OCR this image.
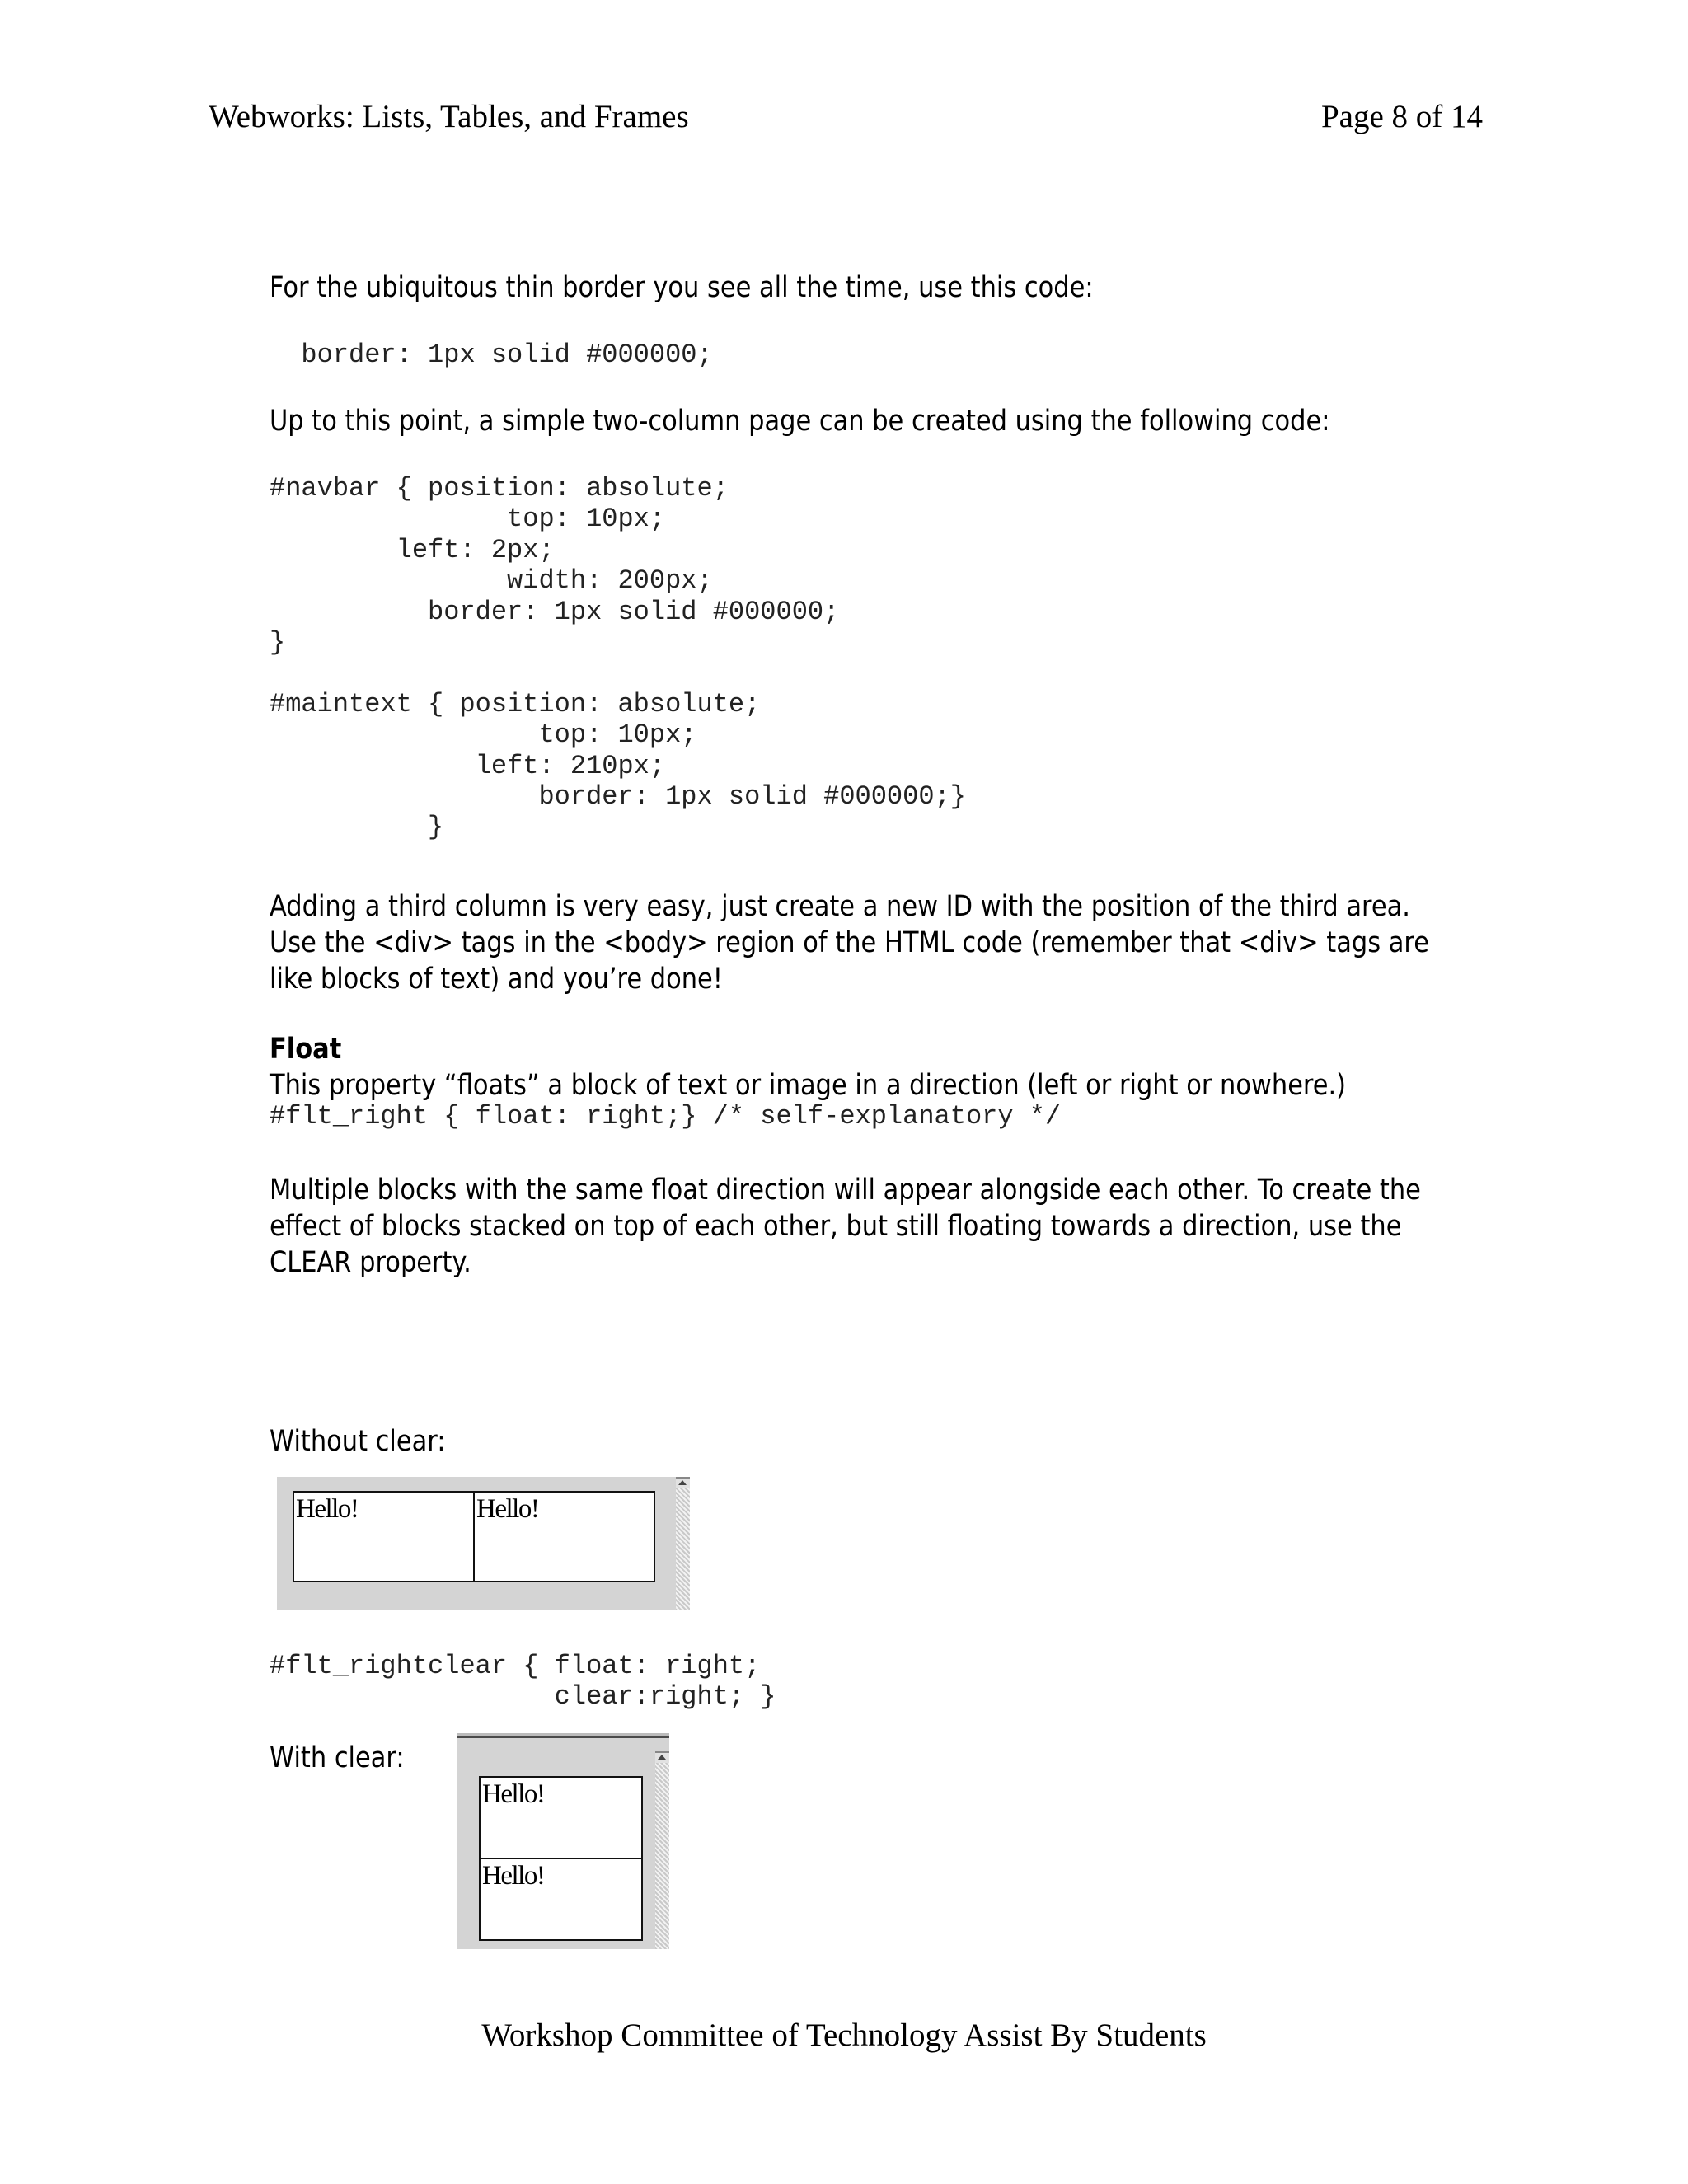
Webworks: Lists, Tables, and Frames	Page 8 of 14
For the ubiquitous thin border you see all the time, use this code:
border: 1px solid #000000;
Up to this point, a simple two-column page can be created using the following code:
#navbar { position: absolute;
top: 10px;
left: 2px;
width: 200px;
border: 1px solid #000000;
}

#maintext { position: absolute;
top: 10px;
left: 210px;
border: 1px solid #000000;}
}
Adding a third column is very easy, just create a new ID with the position of the third area.
Use the <div> tags in the <body> region of the HTML code (remember that <div> tags are
like blocks of text) and you’re done!
Float
This property “floats” a block of text or image in a direction (left or right or nowhere.)
#flt_right { float: right;} /* self-explanatory */
Multiple blocks with the same float direction will appear alongside each other. To create the
effect of blocks stacked on top of each other, but still floating towards a direction, use the
CLEAR property.
Without clear:
Hello!	Hello!
#flt_rightclear { float: right;
clear:right; }
With clear:
Hello!
Hello!
Workshop Committee of Technology Assist By Students
